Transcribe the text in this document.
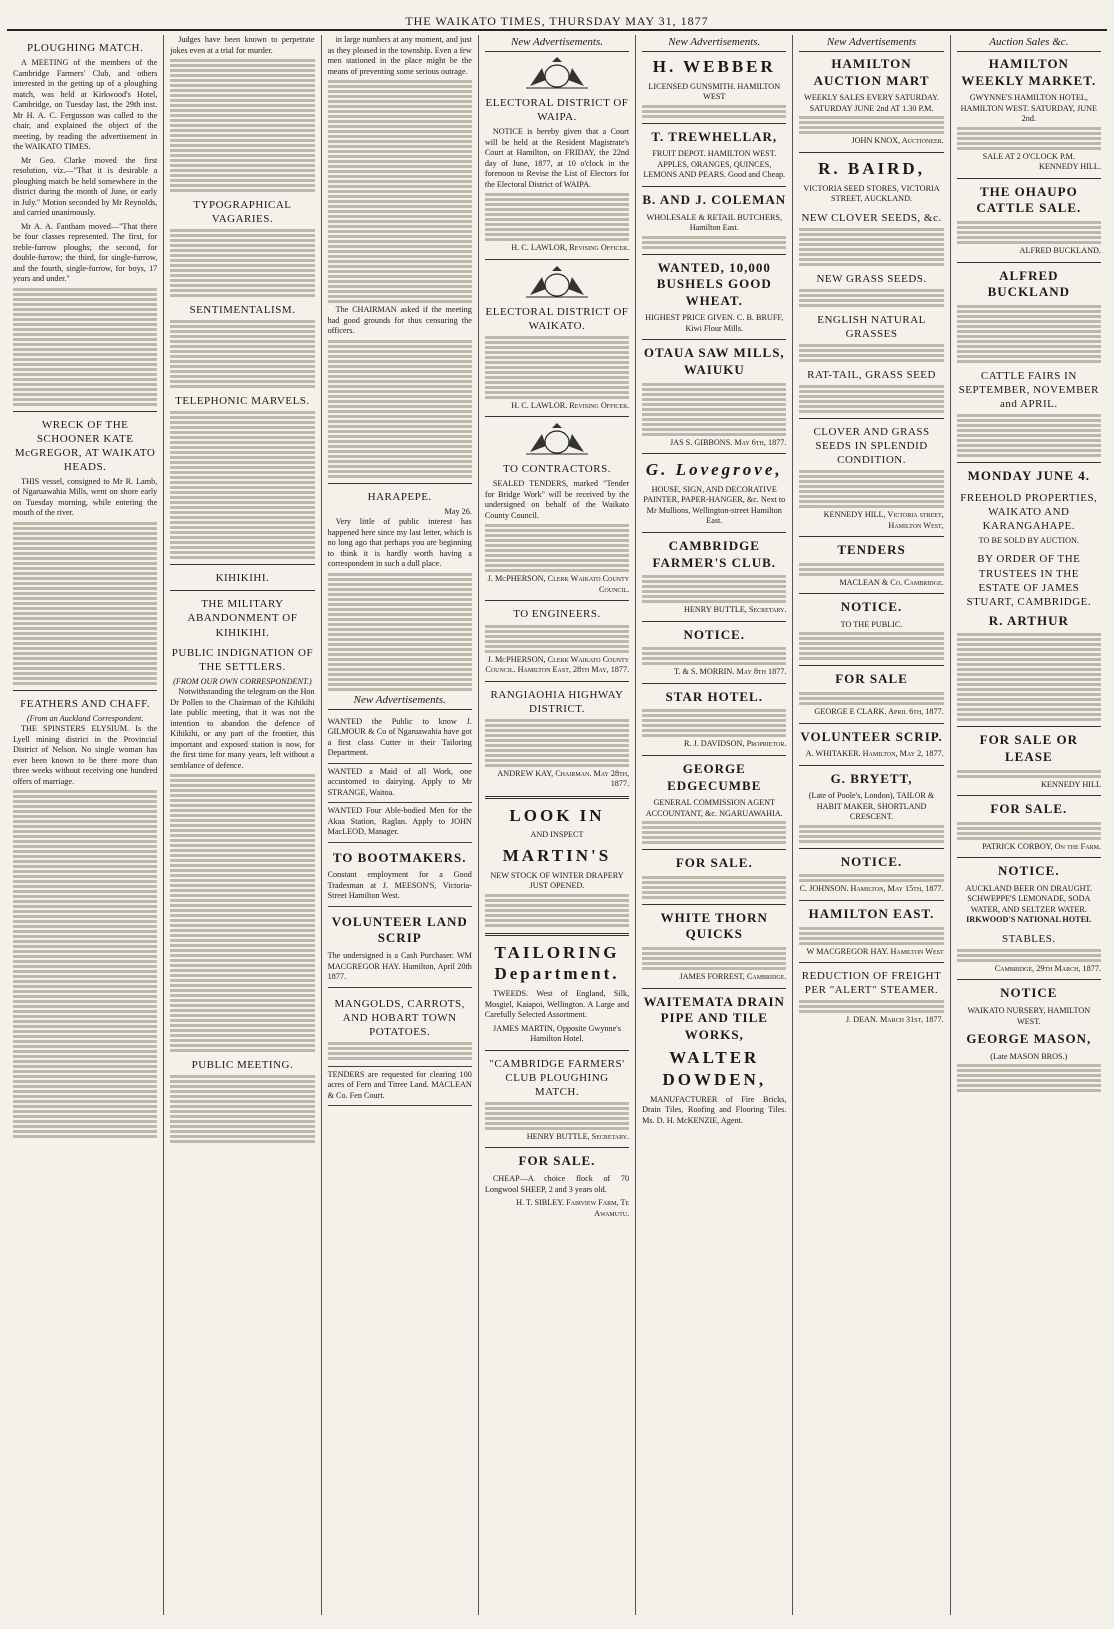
THE WAIKATO TIMES, THURSDAY MAY 31, 1877
PLOUGHING MATCH.

A MEETING of the members of the Cambridge Farmers' Club, and others interested in the getting up of a ploughing match, was held at Kirkwood's Hotel, Cambridge, on Tuesday last, the 29th inst. Mr H. A. C. Fergusson was called to the chair, and explained the object of the meeting, by reading the advertisement in the WAIKATO TIMES.

Mr Geo. Clarke moved the first resolution, viz.—"That it is desirable a ploughing match be held somewhere in the district during the month of June, or early in July." Motion seconded by Mr Reynolds, and carried unanimously.

Mr A. A. Fantham moved—"That there be four classes represented. The first, for treble-furrow ploughs; the second, for double-furrow; the third, for single-furrow, and the fourth, single-furrow, for boys, 17 years and under."

WRECK OF THE SCHOONER KATE McGREGOR, AT WAIKATO HEADS.

THIS vessel, consigned to Mr R. Lamb, of Ngaruawahia Mills, went on shore early on Tuesday morning, while entering the mouth of the river.

FEATHERS AND CHAFF.
(From an Auckland Correspondent.

THE SPINSTERS ELYSIUM. Is the Lyell mining district in the Provincial District of Nelson. No single woman has ever been known to be there more than three weeks without receiving one hundred offers of marriage.

Judges have been known to perpetrate jokes even at a trial for murder.

TYPOGRAPHICAL VAGARIES.
SENTIMENTALISM.
TELEPHONIC MARVELS.
KIHIKIHI.
THE MILITARY ABANDONMENT OF KIHIKIHI.
PUBLIC INDIGNATION OF THE SETTLERS.
(FROM OUR OWN CORRESPONDENT.)

Notwithstanding the telegram on the Hon Dr Pollen to the Chairman of the Kihikihi late public meeting, that it was not the intention to abandon the defence of Kihikihi, or any part of the frontier, this important and exposed station is now, for the first time for many years, left without a semblance of defence.

PUBLIC MEETING.

in large numbers at any moment, and just as they pleased in the township. Even a few men stationed in the place might be the means of preventing some serious outrage.

The CHAIRMAN asked if the meeting had good grounds for thus censuring the officers.

HARAPEPE.
May 26.

Very little of public interest has happened here since my last letter, which is no long ago that perhaps you are beginning to think it is hardly worth having a correspondent in such a dull place.

New Advertisements.
WANTED the Public to know J. GILMOUR & Co of Ngaruawahia have got a first class Cutter in their Tailoring Department.
WANTED a Maid of all Work, one accustomed to dairying. Apply to Mr STRANGE, Waitoa.
WANTED Four Able-bodied Men for the Akaa Station, Raglan. Apply to JOHN MacLEOD, Manager.
TO BOOTMAKERS.
Constant employment for a Good Tradesman at J. MEESON'S, Victoria-Street Hamilton West.
VOLUNTEER LAND SCRIP
The undersigned is a Cash Purchaser. WM MACGREGOR HAY. Hamilton, April 20th 1877.
MANGOLDS, CARROTS, AND HOBART TOWN POTATOES.
TENDERS are requested for clearing 100 acres of Fern and Titree Land. MACLEAN & Co. Fen Court.
New Advertisements.
ELECTORAL DISTRICT OF WAIPA.

NOTICE is hereby given that a Court will be held at the Resident Magistrate's Court at Hamilton, on FRIDAY, the 22nd day of June, 1877, at 10 o'clock in the forenoon to Revise the List of Electors for the Electoral District of WAIPA.

H. C. LAWLOR, Revising Officer.
ELECTORAL DISTRICT OF WAIKATO.
H. C. LAWLOR. Revising Officer.
TO CONTRACTORS.

SEALED TENDERS, marked "Tender for Bridge Work" will be received by the undersigned on behalf of the Waikato County Council.

J. McPHERSON, Clerk Waikato County Council.
TO ENGINEERS.
J. McPHERSON, Clerk Waikato County Council. Hamilton East, 28th May, 1877.
RANGIAOHIA HIGHWAY DISTRICT.
ANDREW KAY, Chairman. May 28th, 1877.
LOOK IN
AND INSPECT
MARTIN'S
NEW STOCK OF WINTER DRAPERY JUST OPENED.
TAILORING Department.

TWEEDS. West of England, Silk, Mosgiel, Kaiapoi, Wellington. A Large and Carefully Selected Assortment.

JAMES MARTIN, Opposite Gwynne's Hamilton Hotel.
"CAMBRIDGE FARMERS' CLUB PLOUGHING MATCH.
HENRY BUTTLE, Secretary.
FOR SALE.

CHEAP—A choice flock of 70 Longwool SHEEP, 2 and 3 years old.

H. T. SIBLEY. Fairview Farm, Te Awamutu.
New Advertisements.
H. WEBBER
LICENSED GUNSMITH. HAMILTON WEST
T. TREWHELLAR,
FRUIT DEPOT. HAMILTON WEST. APPLES, ORANGES, QUINCES, LEMONS AND PEARS. Good and Cheap.
B. AND J. COLEMAN
WHOLESALE & RETAIL BUTCHERS, Hamilton East.
WANTED, 10,000 BUSHELS GOOD WHEAT.
HIGHEST PRICE GIVEN. C. B. BRUFF, Kiwi Flour Mills.
OTAUA SAW MILLS, WAIUKU
JAS S. GIBBONS. May 6th, 1877.
G. Lovegrove,
HOUSE, SIGN, AND DECORATIVE PAINTER, PAPER-HANGER, &c. Next to Mr Mullions, Wellington-street Hamilton East.
CAMBRIDGE FARMER'S CLUB.
HENRY BUTTLE, Secretary.
NOTICE.
T. & S. MORRIN. May 8th 1877.
STAR HOTEL.
R. J. DAVIDSON, Proprietor.
GEORGE EDGECUMBE
GENERAL COMMISSION AGENT ACCOUNTANT, &c. NGARUAWAHIA.
FOR SALE.
WHITE THORN QUICKS
JAMES FORREST, Cambridge.
WAITEMATA DRAIN PIPE AND TILE WORKS,
WALTER DOWDEN,

MANUFACTURER of Fire Bricks, Drain Tiles, Roofing and Flooring Tiles. Ms. D. H. McKENZIE, Agent.

New Advertisements
HAMILTON AUCTION MART
WEEKLY SALES EVERY SATURDAY. SATURDAY JUNE 2nd AT 1.30 P.M.
JOHN KNOX, Auctioneer.
R. BAIRD,
VICTORIA SEED STORES, VICTORIA STREET, AUCKLAND.
NEW CLOVER SEEDS, &c.
NEW GRASS SEEDS.
ENGLISH NATURAL GRASSES
RAT-TAIL, GRASS SEED
CLOVER AND GRASS SEEDS IN SPLENDID CONDITION.
KENNEDY HILL, Victoria street, Hamilton West,
TENDERS
MACLEAN & Co. Cambridge.
NOTICE.
TO THE PUBLIC.
FOR SALE
GEORGE E CLARK. April 6th, 1877.
VOLUNTEER SCRIP.
A. WHITAKER. Hamilton, May 2, 1877.
G. BRYETT,
(Late of Poole's, London), TAILOR & HABIT MAKER, SHORTLAND CRESCENT.
NOTICE.
C. JOHNSON. Hamilton, May 15th, 1877.
HAMILTON EAST.
W MACGREGOR HAY. Hamilton West
REDUCTION OF FREIGHT PER "ALERT" STEAMER.
J. DEAN. March 31st, 1877.
Auction Sales &c.
HAMILTON WEEKLY MARKET.
GWYNNE'S HAMILTON HOTEL, HAMILTON WEST. SATURDAY, JUNE 2nd.
SALE AT 2 O'CLOCK P.M.
KENNEDY HILL.
THE OHAUPO CATTLE SALE.
ALFRED BUCKLAND.
ALFRED BUCKLAND
CATTLE FAIRS IN SEPTEMBER, NOVEMBER and APRIL.
MONDAY JUNE 4.
FREEHOLD PROPERTIES, WAIKATO AND KARANGAHAPE.
TO BE SOLD BY AUCTION.
BY ORDER OF THE TRUSTEES IN THE ESTATE OF JAMES STUART, CAMBRIDGE.
R. ARTHUR
FOR SALE OR LEASE
KENNEDY HILL
FOR SALE.
PATRICK CORBOY, On the Farm.
NOTICE.
AUCKLAND BEER ON DRAUGHT. SCHWEPPE'S LEMONADE, SODA WATER, AND SELTZER WATER.
IRKWOOD'S NATIONAL HOTEL
STABLES.
Cambridge, 29th March, 1877.
NOTICE
WAIKATO NURSERY, HAMILTON WEST.
GEORGE MASON,
(Late MASON BROS.)
